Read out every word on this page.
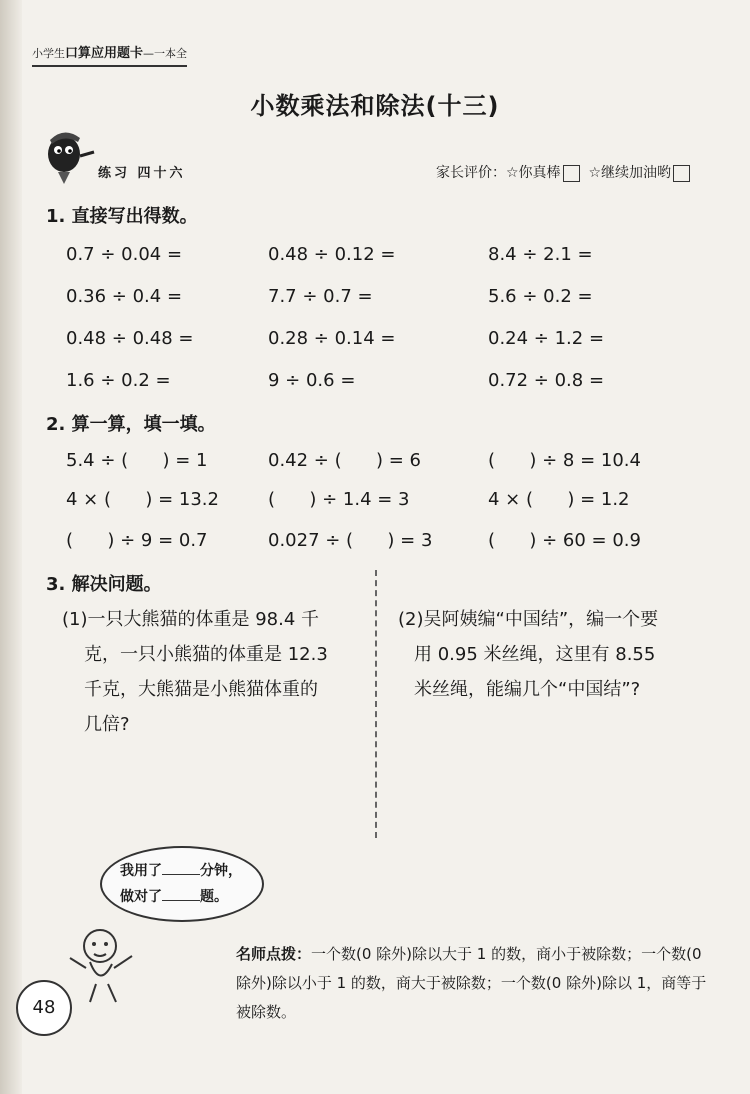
小学生口算应用题卡—一本全
小数乘法和除法(十三)
练习 四十六	家长评价：☆你真棒 ☆继续加油哟
1. 直接写出得数。
0.7 ÷ 0.04 =	0.48 ÷ 0.12 =	8.4 ÷ 2.1 =
0.36 ÷ 0.4 =	7.7 ÷ 0.7 =	5.6 ÷ 0.2 =
0.48 ÷ 0.48 =	0.28 ÷ 0.14 =	0.24 ÷ 1.2 =
1.6 ÷ 0.2 =	9 ÷ 0.6 =	0.72 ÷ 0.8 =
2. 算一算，填一填。
5.4 ÷ (      ) = 1	0.42 ÷ (      ) = 6	(      ) ÷ 8 = 10.4
4 × (      ) = 13.2	(      ) ÷ 1.4 = 3	4 × (      ) = 1.2
(      ) ÷ 9 = 0.7	0.027 ÷ (      ) = 3	(      ) ÷ 60 = 0.9
3. 解决问题。
(1)一只大熊猫的体重是 98.4 千
克，一只小熊猫的体重是 12.3
千克，大熊猫是小熊猫体重的
几倍?
(2)吴阿姨编“中国结”，编一个要
用 0.95 米丝绳，这里有 8.55
米丝绳，能编几个“中国结”?
我用了	分钟，
做对了	题。
名师点拨：一个数(0 除外)除以大于 1 的数，商小于被除数；一个数(0 除外)除以小于 1 的数，商大于被除数；一个数(0 除外)除以 1，商等于被除数。
48
